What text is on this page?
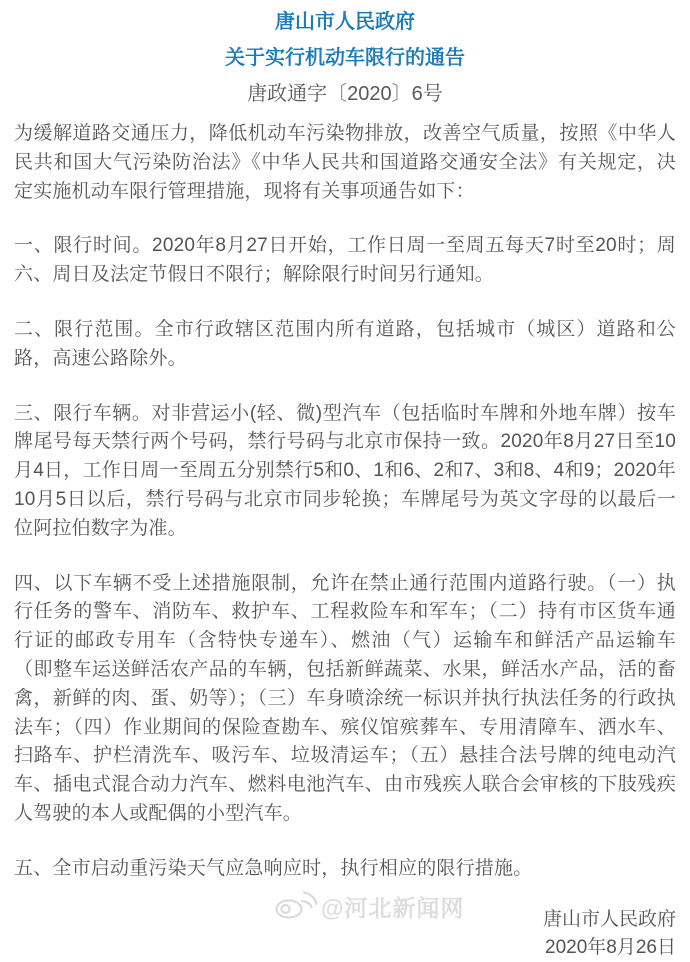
唐山市人民政府
关于实行机动车限行的通告
唐政通字〔2020〕6号

为缓解道路交通压力，降低机动车污染物排放，改善空气质量，按照《中华人民共和国大气污染防治法》《中华人民共和国道路交通安全法》有关规定，决定实施机动车限行管理措施，现将有关事项通告如下：

一、限行时间。2020年8月27日开始，工作日周一至周五每天7时至20时；周六、周日及法定节假日不限行；解除限行时间另行通知。

二、限行范围。全市行政辖区范围内所有道路，包括城市（城区）道路和公路，高速公路除外。

三、限行车辆。对非营运小(轻、微)型汽车（包括临时车牌和外地车牌）按车牌尾号每天禁行两个号码，禁行号码与北京市保持一致。2020年8月27日至10月4日，工作日周一至周五分别禁行5和0、1和6、2和7、3和8、4和9；2020年10月5日以后，禁行号码与北京市同步轮换；车牌尾号为英文字母的以最后一位阿拉伯数字为准。

四、以下车辆不受上述措施限制，允许在禁止通行范围内道路行驶。（一）执行任务的警车、消防车、救护车、工程救险车和军车；（二）持有市区货车通行证的邮政专用车（含特快专递车）、燃油（气）运输车和鲜活产品运输车（即整车运送鲜活农产品的车辆，包括新鲜蔬菜、水果，鲜活水产品，活的畜禽，新鲜的肉、蛋、奶等）；（三）车身喷涂统一标识并执行执法任务的行政执法车；（四）作业期间的保险查勘车、殡仪馆殡葬车、专用清障车、洒水车、扫路车、护栏清洗车、吸污车、垃圾清运车；（五）悬挂合法号牌的纯电动汽车、插电式混合动力汽车、燃料电池汽车、由市残疾人联合会审核的下肢残疾人驾驶的本人或配偶的小型汽车。

五、全市启动重污染天气应急响应时，执行相应的限行措施。

唐山市人民政府
2020年8月26日
@河北新闻网
